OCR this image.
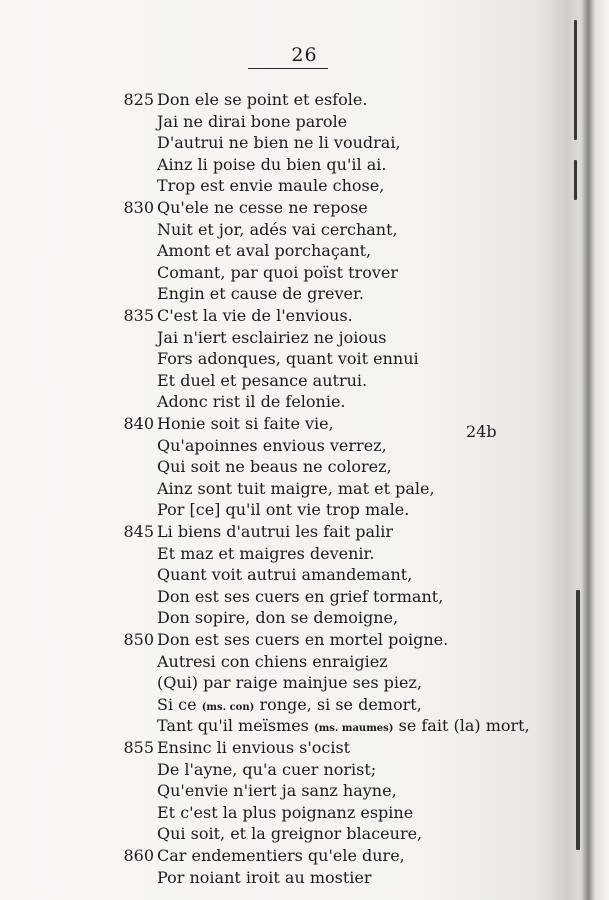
26
825 Don ele se point et esfole.
Jai ne dirai bone parole
D'autrui ne bien ne li voudrai,
Ainz li poise du bien qu'il ai.
Trop est envie maule chose,
830 Qu'ele ne cesse ne repose
Nuit et jor, adés vai cerchant,
Amont et aval porchaçant,
Comant, par quoi poïst trover
Engin et cause de grever.
835 C'est la vie de l'envious.
Jai n'iert esclairiez ne joious
Fors adonques, quant voit ennui
Et duel et pesance autrui.
Adonc rist il de felonie.
840 Honie soit si faite vie,
Qu'apoinnes envious verrez,
Qui soit ne beaus ne colorez,
Ainz sont tuit maigre, mat et pale,
Por [ce] qu'il ont vie trop male.
845 Li biens d'autrui les fait palir
Et maz et maigres devenir.
Quant voit autrui amandemant,
Don est ses cuers en grief tormant,
Don sopire, don se demoigne,
850 Don est ses cuers en mortel poigne.
Autresi con chiens enraigiez
(Qui) par raige mainjue ses piez,
Si ce (ms. con) ronge, si se demort,
Tant qu'il meïsmes (ms. maumes) se fait (la) mort,
855 Ensinc li envious s'ocist
De l'ayne, qu'a cuer norist;
Qu'envie n'iert ja sanz hayne,
Et c'est la plus poignanz espine
Qui soit, et la greignor blaceure,
860 Car endementiers qu'ele dure,
Por noiant iroit au mostier
24b
